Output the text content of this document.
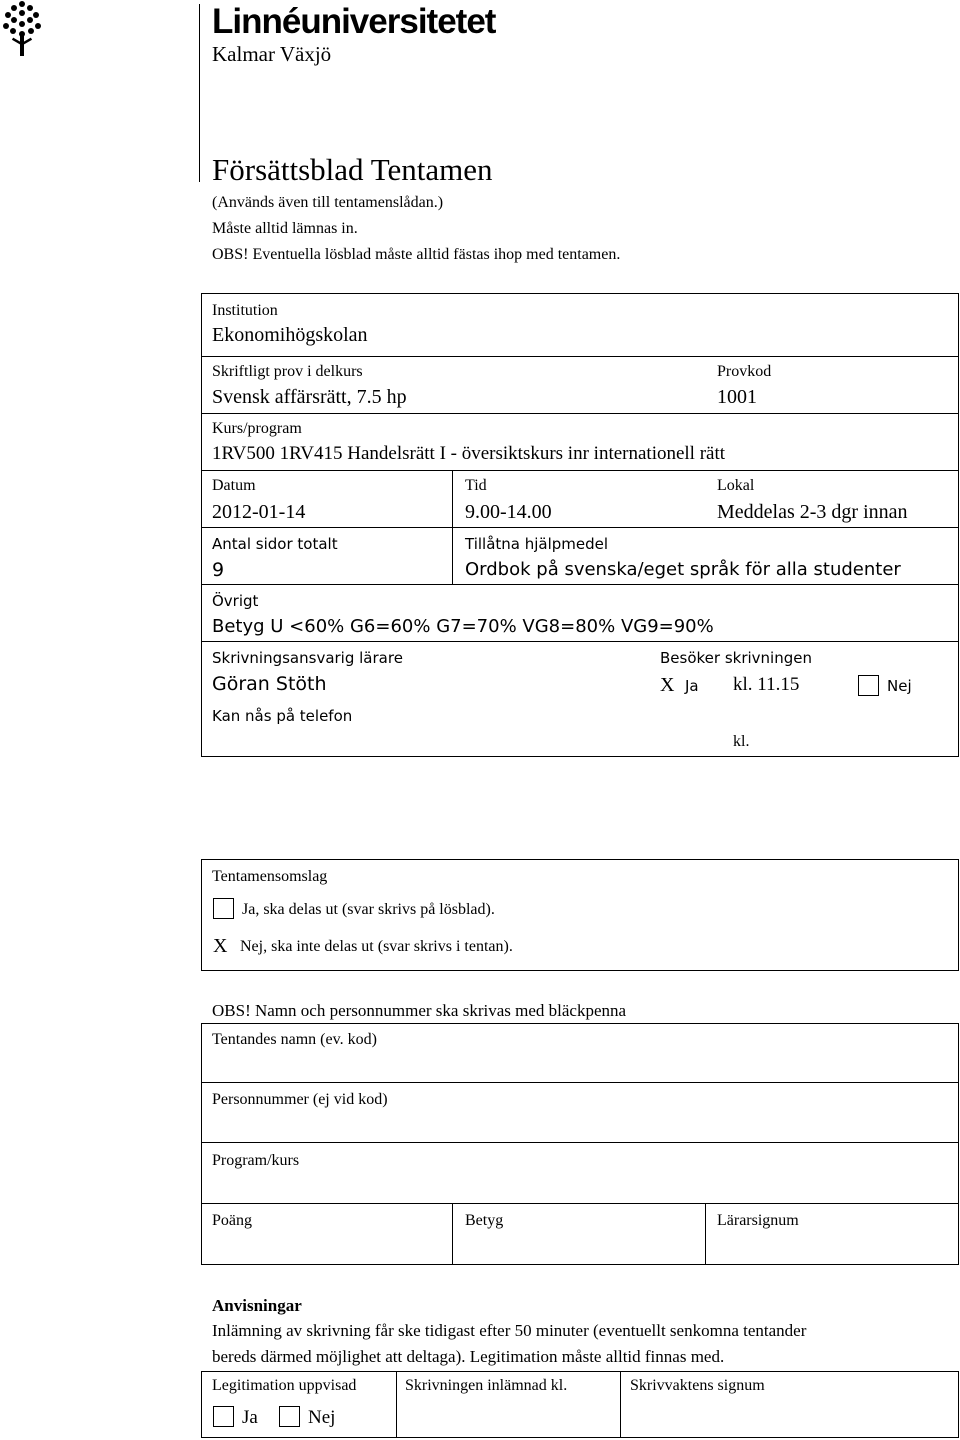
Linnéuniversitetet
Kalmar Växjö
Försättsblad Tentamen
(Används även till tentamenslådan.)
Måste alltid lämnas in.
OBS! Eventuella lösblad måste alltid fästas ihop med tentamen.
Institution
Ekonomihögskolan
Skriftligt prov i delkurs
Svensk affärsrätt, 7.5 hp
Provkod
1001
Kurs/program
1RV500 1RV415 Handelsrätt I - översiktskurs inr internationell rätt
Datum
2012-01-14
Tid
9.00-14.00
Lokal
Meddelas 2-3 dgr innan
Antal sidor totalt
9
Tillåtna hjälpmedel
Ordbok på svenska/eget språk för alla studenter
Övrigt
Betyg U <60% G6=60% G7=70% VG8=80% VG9=90%
Skrivningsansvarig lärare
Göran Stöth
Besöker skrivningen
X Ja kl. 11.15	Nej
Kan nås på telefon
kl.
Tentamensomslag
Ja, ska delas ut (svar skrivs på lösblad).
X Nej, ska inte delas ut (svar skrivs i tentan).
OBS! Namn och personnummer ska skrivas med bläckpenna
Tentandes namn (ev. kod)
Personnummer (ej vid kod)
Program/kurs
Poäng	Betyg	Lärarsignum
Anvisningar
Inlämning av skrivning får ske tidigast efter 50 minuter (eventuellt senkomna tentander
bereds därmed möjlighet att deltaga). Legitimation måste alltid finnas med.
Legitimation uppvisad
Ja	Nej
Skrivningen inlämnad kl.	Skrivvaktens signum
